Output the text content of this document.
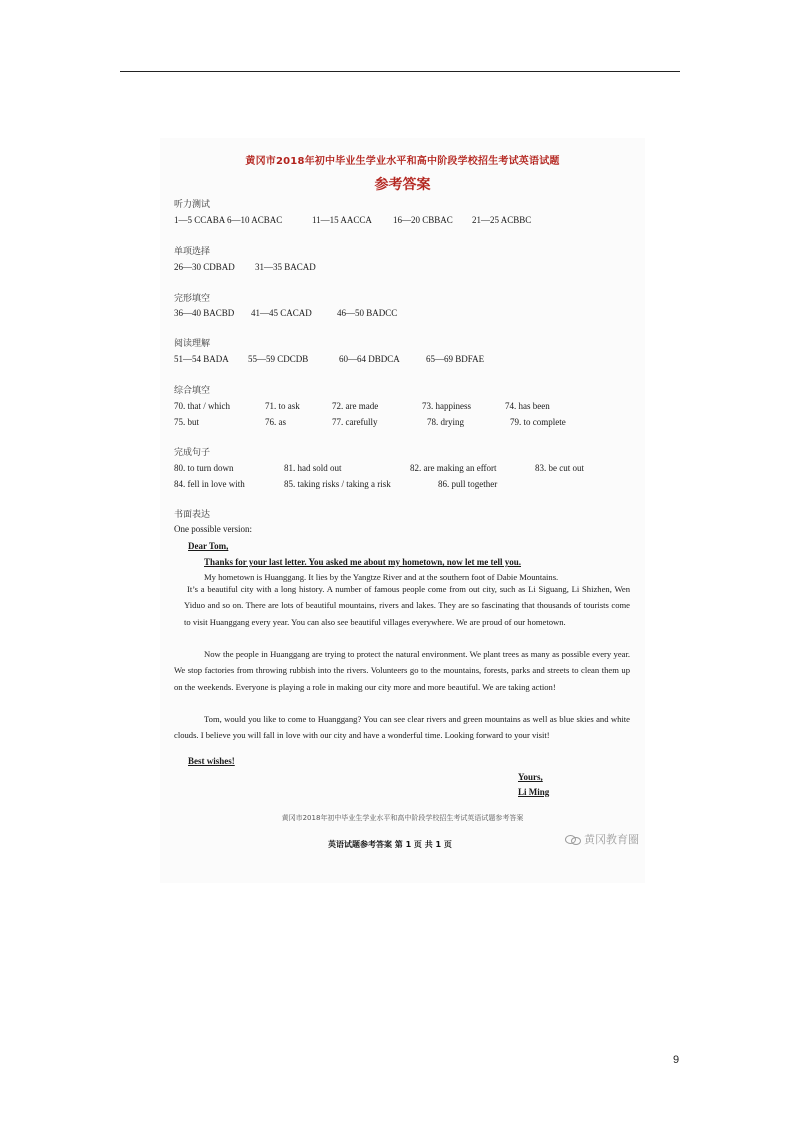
黄冈市2018年初中毕业生学业水平和高中阶段学校招生考试英语试题
参考答案
听力测试
1—5 CCABA 6—10 ACBAC	11—15 AACCA 16—20 CBBAC 21—25 ACBBC
单项选择
26—30 CDBAD 31—35 BACAD
完形填空
36—40 BACBD 41—45 CACAD	46—50 BADCC
阅读理解
51—54 BADA 55—59 CDCDB	60—64 DBDCA	65—69 BDFAE
综合填空
70. that / which	71. to ask	72. are made	73. happiness	74. has been
75. but	76. as	77. carefully	78. drying	79. to complete
完成句子
80. to turn down	81. had sold out	82. are making an effort	83. be cut out
84. fell in love with	85. taking risks / taking a risk	86. pull together
书面表达
One possible version:
Dear Tom,
Thanks for your last letter. You asked me about my hometown, now let me tell you.
My hometown is Huanggang. It lies by the Yangtze River and at the southern foot of Dabie Mountains.
It’s a beautiful city with a long history. A number of famous people come from out city, such as Li Siguang, Li Shizhen, Wen Yiduo and so on. There are lots of beautiful mountains, rivers and lakes. They are so fascinating that thousands of tourists come to visit Huanggang every year. You can also see beautiful villages everywhere. We are proud of our hometown.
Now the people in Huanggang are trying to protect the natural environment. We plant trees as many as possible every year. We stop factories from throwing rubbish into the rivers. Volunteers go to the mountains, forests, parks and streets to clean them up on the weekends. Everyone is playing a role in making our city more and more beautiful. We are taking action!
Tom, would you like to come to Huanggang? You can see clear rivers and green mountains as well as blue skies and white clouds. I believe you will fall in love with our city and have a wonderful time. Looking forward to your visit!
Best wishes!
Yours,
Li Ming
黄冈市2018年初中毕业生学业水平和高中阶段学校招生考试英语试题参考答案
英语试题参考答案 第 1 页 共 1 页	黄冈教育圈
9
